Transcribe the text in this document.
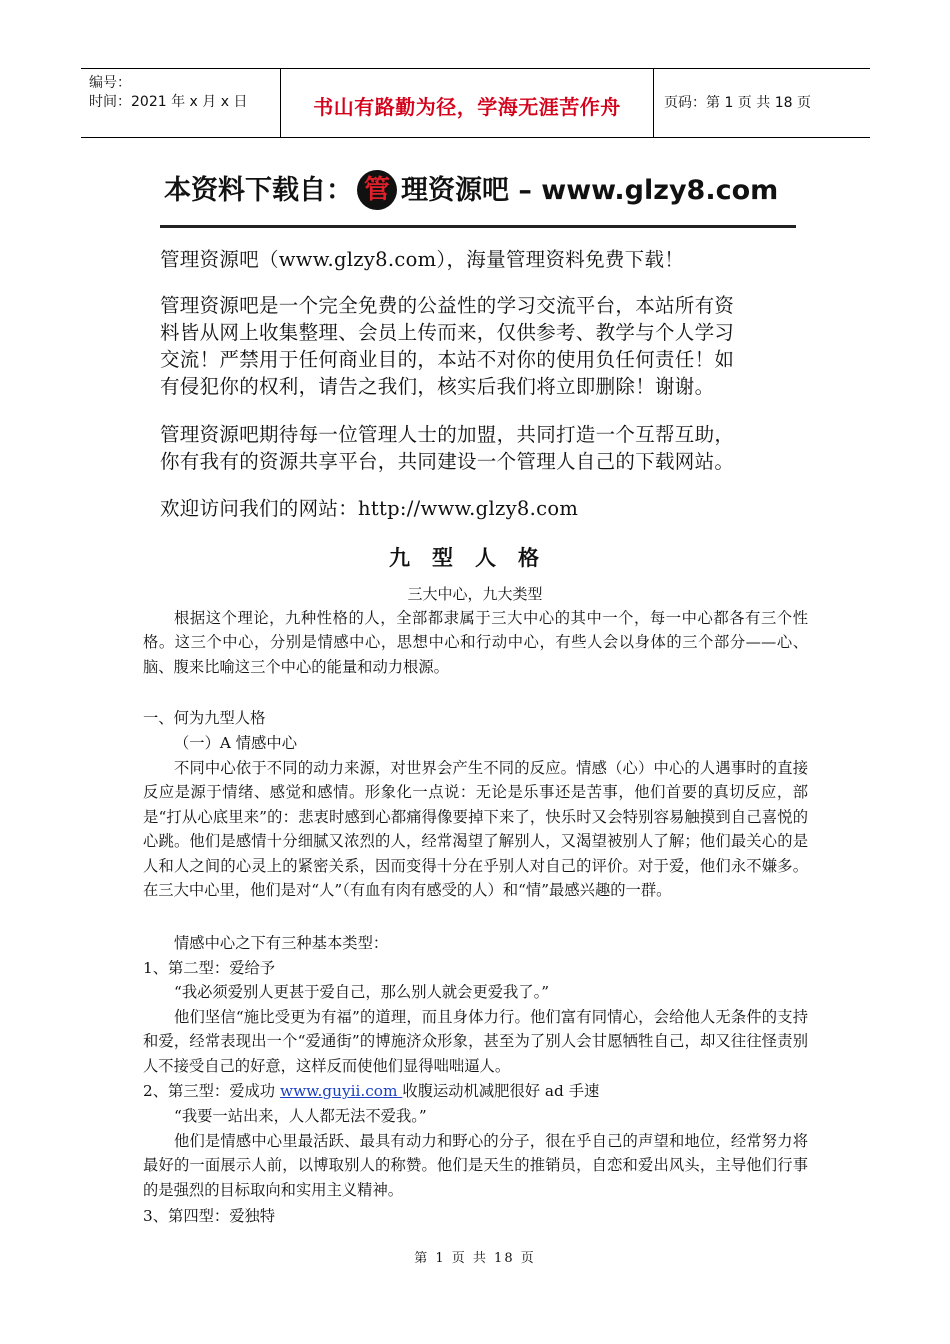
编号：
时间：2021 年 x 月 x 日	书山有路勤为径，学海无涯苦作舟	页码：第 1 页 共 18 页
本资料下载自： 管 理资源吧 – www.glzy8.com
管理资源吧（www.glzy8.com），海量管理资料免费下载！
管理资源吧是一个完全免费的公益性的学习交流平台，本站所有资
料皆从网上收集整理、会员上传而来，仅供参考、教学与个人学习
交流！严禁用于任何商业目的，本站不对你的使用负任何责任！如
有侵犯你的权利，请告之我们，核实后我们将立即删除！谢谢。
管理资源吧期待每一位管理人士的加盟，共同打造一个互帮互助，
你有我有的资源共享平台，共同建设一个管理人自己的下载网站。
欢迎访问我们的网站：http://www.glzy8.com
九型人格
三大中心，九大类型
根据这个理论，九种性格的人，全部都隶属于三大中心的其中一个，每一中心都各有三个性格。这三个中心，分别是情感中心，思想中心和行动中心，有些人会以身体的三个部分——心、脑、腹来比喻这三个中心的能量和动力根源。
一、何为九型人格
（一）A 情感中心
不同中心依于不同的动力来源，对世界会产生不同的反应。情感（心）中心的人遇事时的直接反应是源于情绪、感觉和感情。形象化一点说：无论是乐事还是苦事，他们首要的真切反应，部是“打从心底里来”的：悲衷时感到心都痛得像要掉下来了，快乐时又会特别容易触摸到自己喜悦的心跳。他们是感情十分细腻又浓烈的人，经常渴望了解别人，又渴望被别人了解；他们最关心的是人和人之间的心灵上的紧密关系，因而变得十分在乎别人对自己的评价。对于爱，他们永不嫌多。在三大中心里，他们是对“人”（有血有肉有感受的人）和“情”最感兴趣的一群。
情感中心之下有三种基本类型：
1、第二型：爱给予
“我必须爱别人更甚于爱自己，那么别人就会更爱我了。”
他们坚信“施比受更为有福”的道理，而且身体力行。他们富有同情心，会给他人无条件的支持和爱，经常表现出一个“爱通街”的博施济众形象，甚至为了别人会甘愿牺牲自己，却又往往怪责别人不接受自己的好意，这样反而使他们显得咄咄逼人。
2、第三型：爱成功 www.guyii.com 收腹运动机减肥很好 ad 手速
“我要一站出来，人人都无法不爱我。”
他们是情感中心里最活跃、最具有动力和野心的分子，很在乎自己的声望和地位，经常努力将最好的一面展示人前，以博取别人的称赞。他们是天生的推销员，自恋和爱出风头，主导他们行事的是强烈的目标取向和实用主义精神。
3、第四型：爱独特
第 1 页 共 18 页
